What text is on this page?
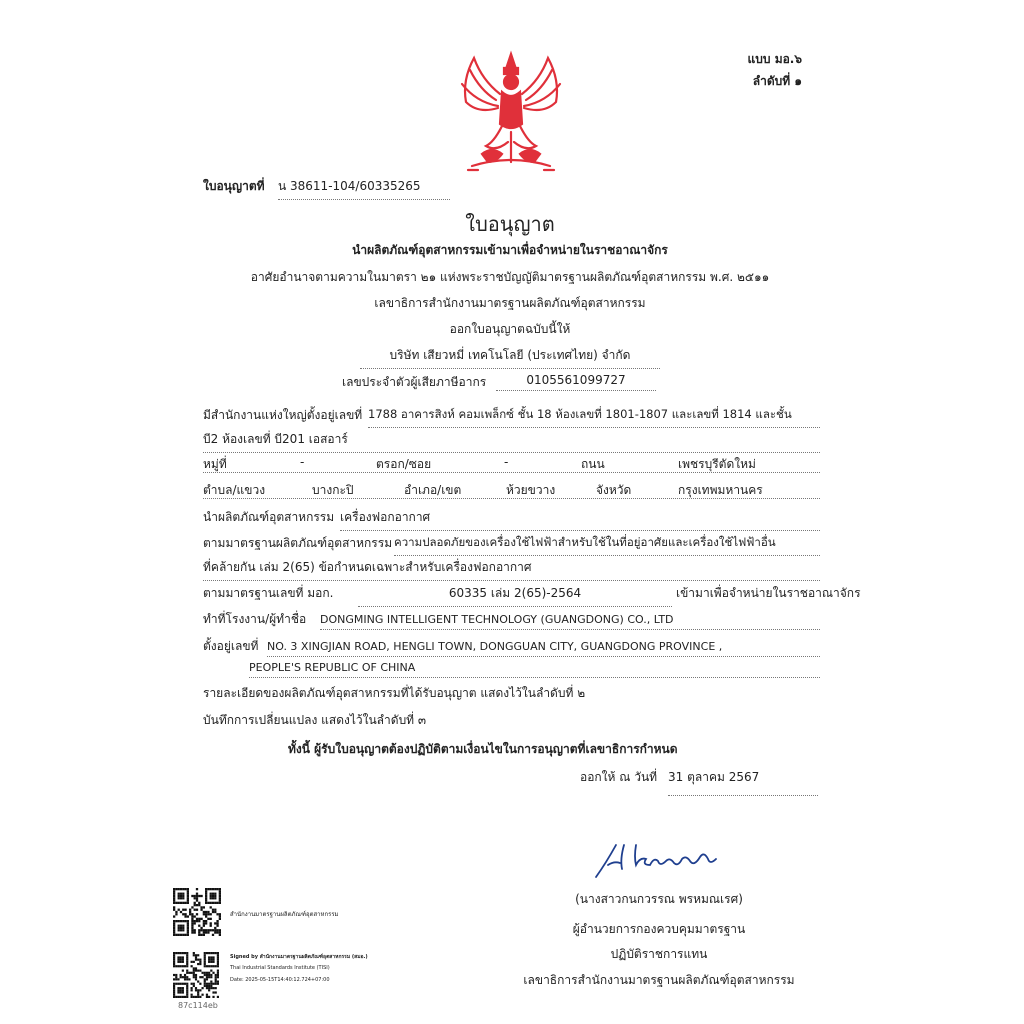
แบบ มอ.๖
ลำดับที่ ๑
ใบอนุญาตที่ น 38611-104/60335265
ใบอนุญาต
นำผลิตภัณฑ์อุตสาหกรรมเข้ามาเพื่อจำหน่ายในราชอาณาจักร
อาศัยอำนาจตามความในมาตรา ๒๑ แห่งพระราชบัญญัติมาตรฐานผลิตภัณฑ์อุตสาหกรรม พ.ศ. ๒๕๑๑
เลขาธิการสำนักงานมาตรฐานผลิตภัณฑ์อุตสาหกรรม
ออกใบอนุญาตฉบับนี้ให้
บริษัท เสียวหมี่ เทคโนโลยี (ประเทศไทย) จำกัด
เลขประจำตัวผู้เสียภาษีอากร	0105561099727
มีสำนักงานแห่งใหญ่ตั้งอยู่เลขที่ 1788 อาคารสิงห์ คอมเพล็กซ์ ชั้น 18 ห้องเลขที่ 1801-1807 และเลขที่ 1814 และชั้น
บี2 ห้องเลขที่ บี201 เอสอาร์
หมู่ที่	-	ตรอก/ซอย	-	ถนน	เพชรบุรีตัดใหม่
ตำบล/แขวง	บางกะปิ	อำเภอ/เขต	ห้วยขวาง	จังหวัด	กรุงเทพมหานคร
นำผลิตภัณฑ์อุตสาหกรรม เครื่องฟอกอากาศ
ตามมาตรฐานผลิตภัณฑ์อุตสาหกรรม ความปลอดภัยของเครื่องใช้ไฟฟ้าสำหรับใช้ในที่อยู่อาศัยและเครื่องใช้ไฟฟ้าอื่น
ที่คล้ายกัน เล่ม 2(65) ข้อกำหนดเฉพาะสำหรับเครื่องฟอกอากาศ
ตามมาตรฐานเลขที่ มอก.	60335 เล่ม 2(65)-2564	เข้ามาเพื่อจำหน่ายในราชอาณาจักร
ทำที่โรงงาน/ผู้ทำชื่อ DONGMING INTELLIGENT TECHNOLOGY (GUANGDONG) CO., LTD
ตั้งอยู่เลขที่ NO. 3 XINGJIAN ROAD, HENGLI TOWN, DONGGUAN CITY, GUANGDONG PROVINCE ,
PEOPLE'S REPUBLIC OF CHINA
รายละเอียดของผลิตภัณฑ์อุตสาหกรรมที่ได้รับอนุญาต แสดงไว้ในลำดับที่ ๒
บันทึกการเปลี่ยนแปลง แสดงไว้ในลำดับที่ ๓
ทั้งนี้ ผู้รับใบอนุญาตต้องปฏิบัติตามเงื่อนไขในการอนุญาตที่เลขาธิการกำหนด
ออกให้ ณ วันที่ 31 ตุลาคม 2567
(นางสาวกนกวรรณ พรหมณเรศ)
ผู้อำนวยการกองควบคุมมาตรฐาน
ปฏิบัติราชการแทน
เลขาธิการสำนักงานมาตรฐานผลิตภัณฑ์อุตสาหกรรม
สำนักงานมาตรฐานผลิตภัณฑ์อุตสาหกรรม
Signed by สำนักงานมาตรฐานผลิตภัณฑ์อุตสาหกรรม (สมอ.)
Thai Industrial Standards Institute (TISI)
Date: 2025-05-15T14:40:12.724+07:00
87c114eb
